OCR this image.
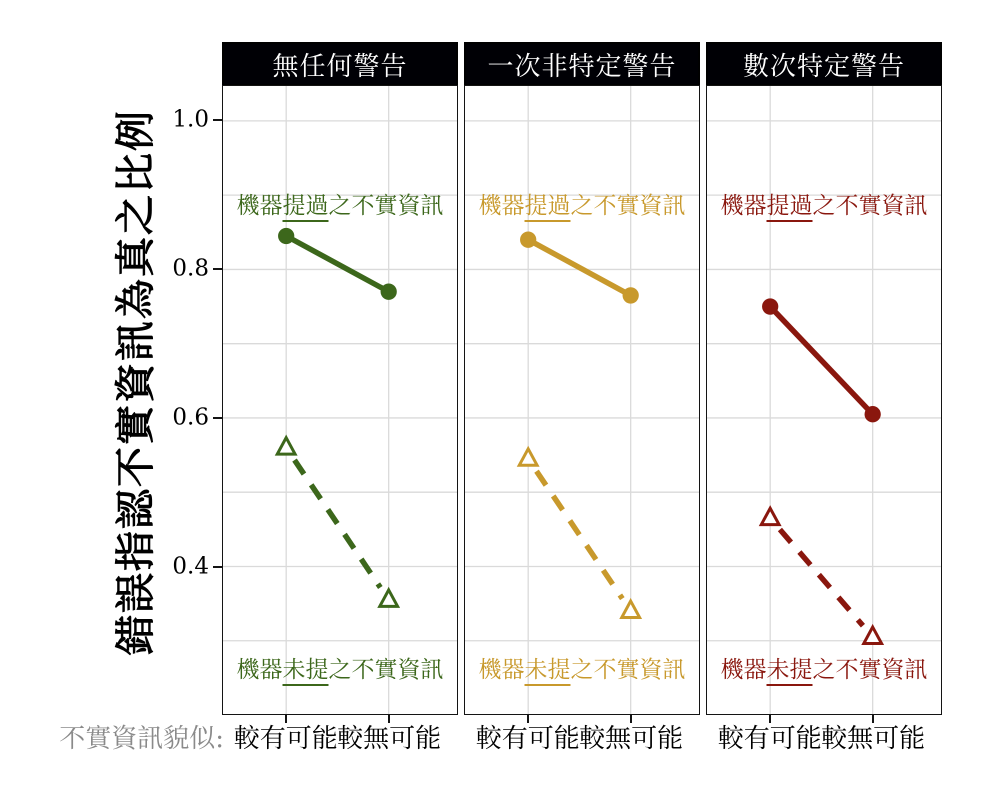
錯誤指認不實資訊為真之比例
不實資訊貌似:
無任何警告
機器提過之不實資訊
機器未提之不實資訊
一次非特定警告
機器提過之不實資訊
機器未提之不實資訊
數次特定警告
機器提過之不實資訊
機器未提之不實資訊
1.0
0.8
0.6
0.4
較有可能 較無可能 較有可能 較無可能 較有可能 較無可能
